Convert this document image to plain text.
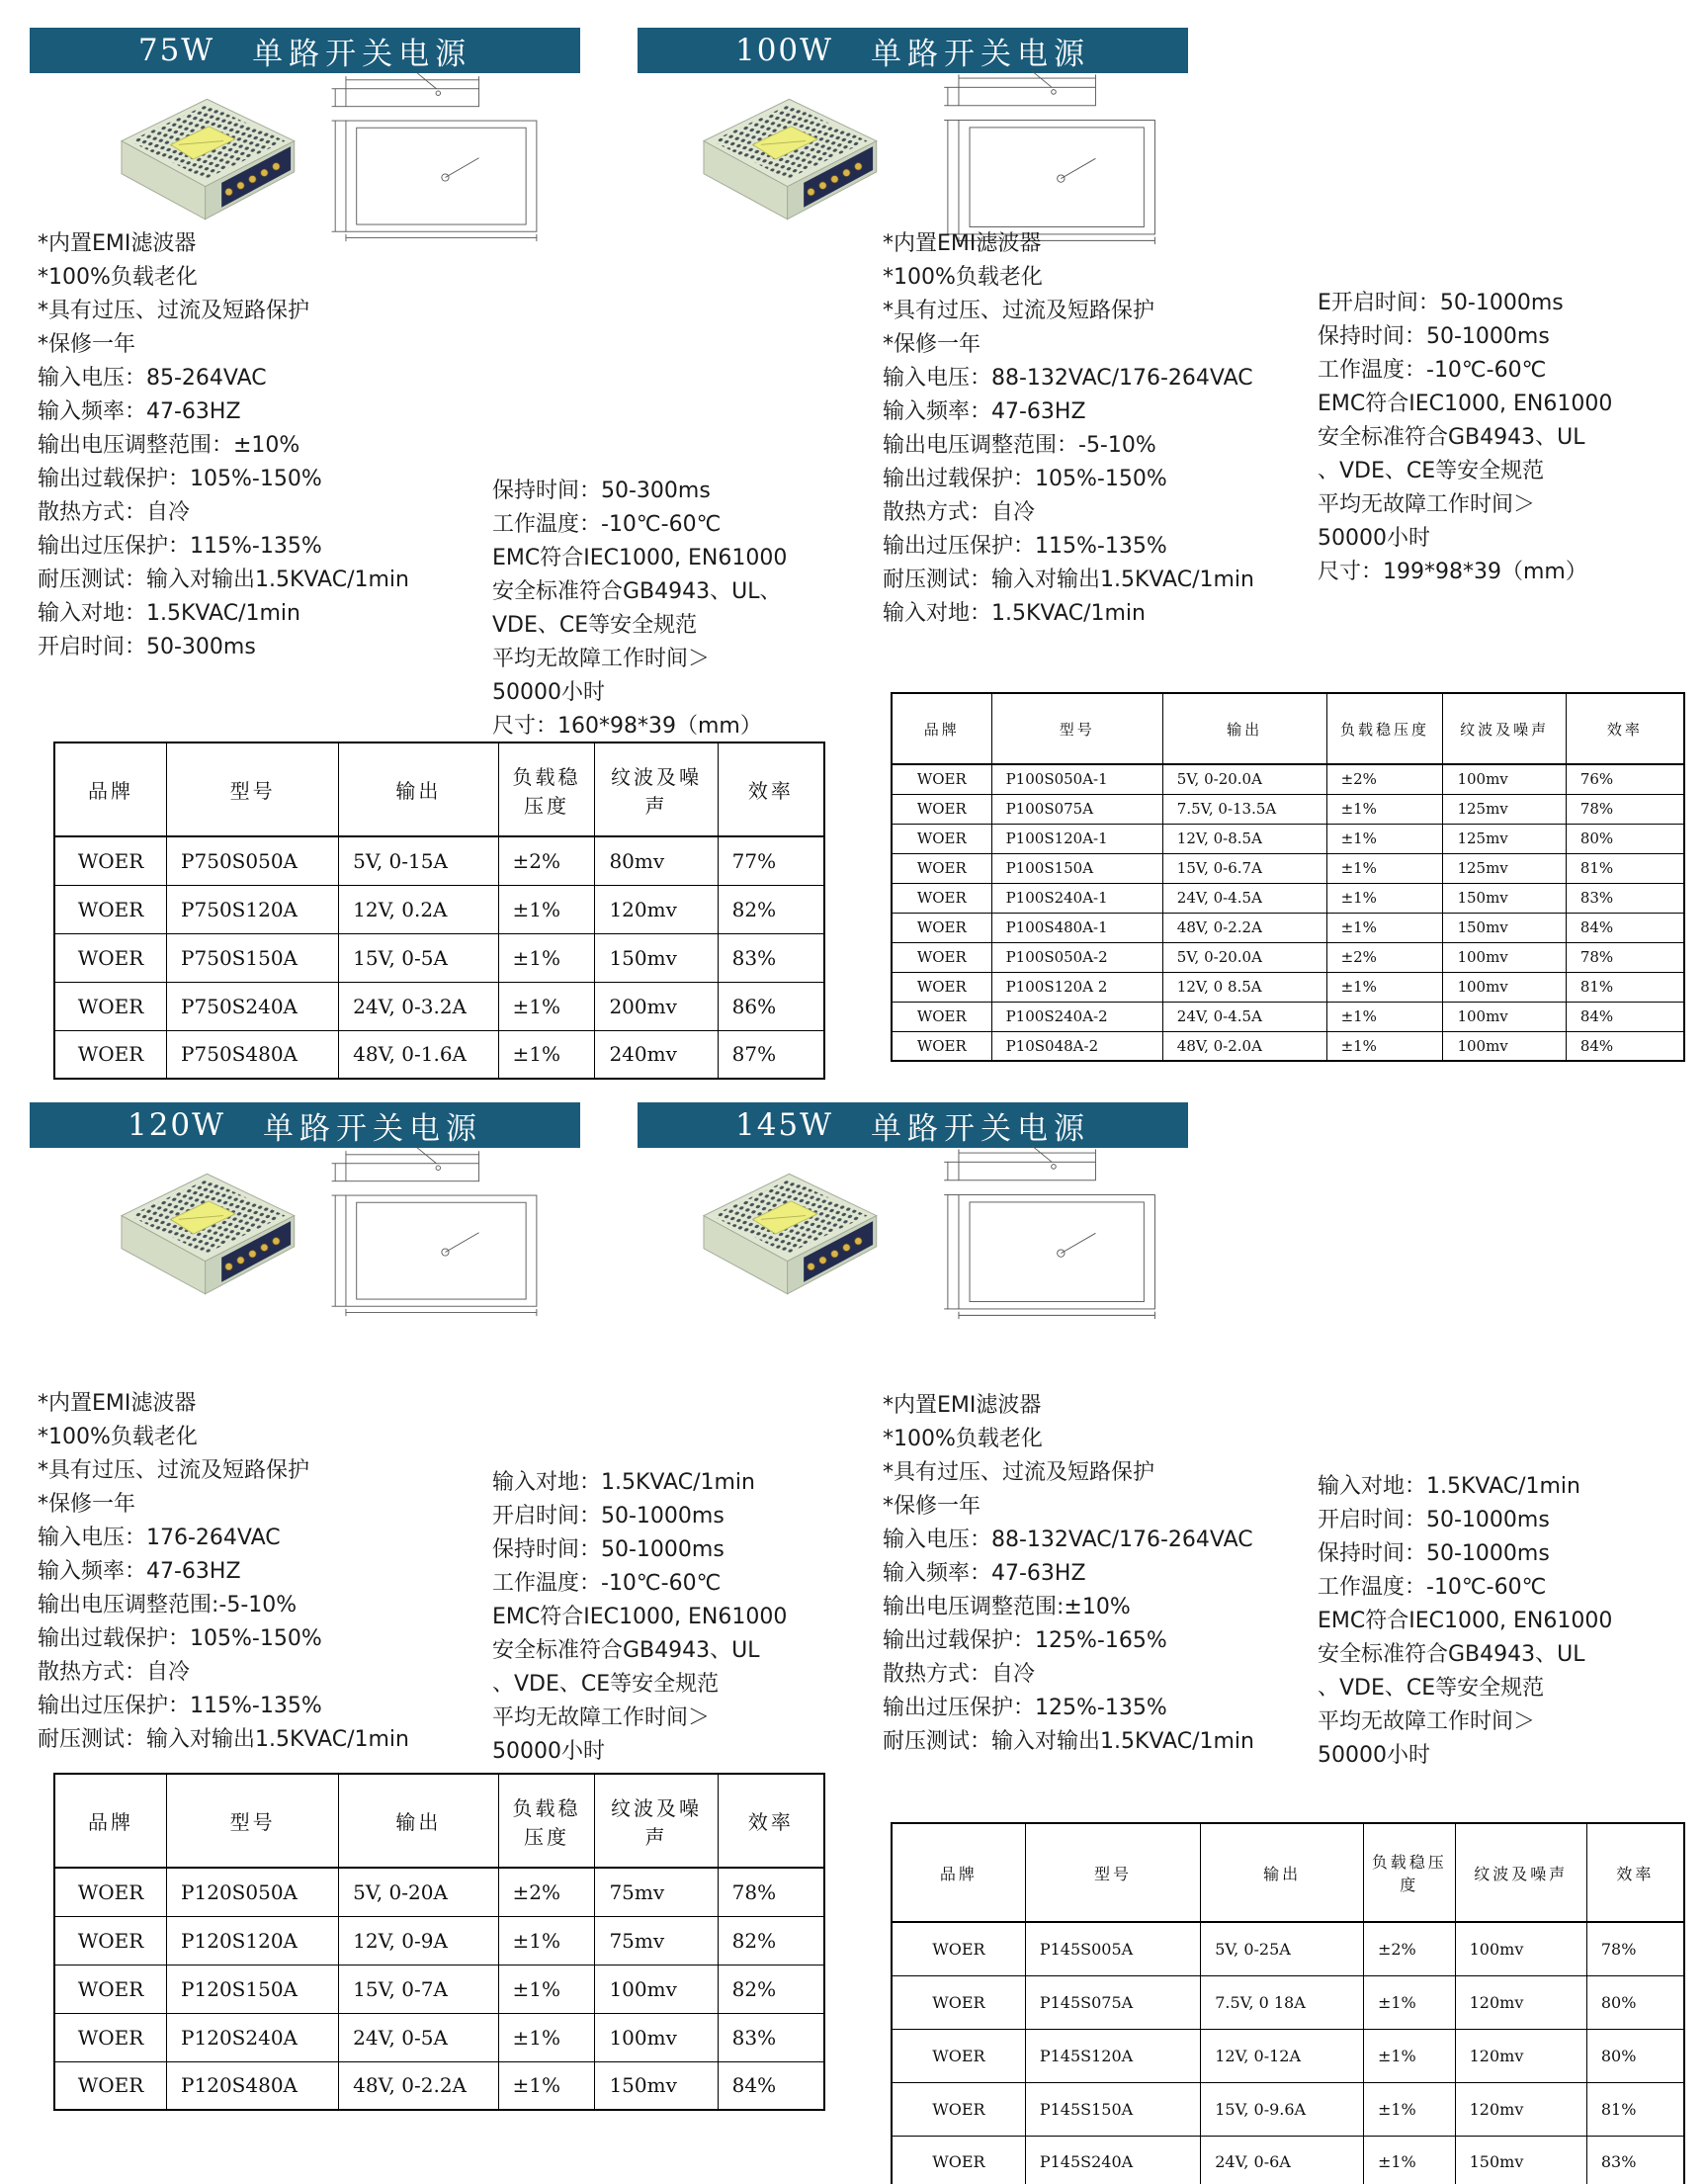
75W 单路开关电源
*内置EMI滤波器
*100%负载老化
*具有过压、过流及短路保护
*保修一年
输入电压：85-264VAC
输入频率：47-63HZ
输出电压调整范围：±10%
输出过载保护：105%-150%
散热方式：自冷
输出过压保护：115%-135%
耐压测试：输入对输出1.5KVAC/1min
输入对地：1.5KVAC/1min
开启时间：50-300ms
保持时间：50-300ms
工作温度：-10℃-60℃
EMC符合IEC1000, EN61000
安全标准符合GB4943、UL、
VDE、CE等安全规范
平均无故障工作时间＞
50000小时
尺寸：160*98*39（mm）
品牌	型号	输出	负载稳压度	纹波及噪声	效率
WOER	P750S050A	5V, 0-15A	±2%	80mv	77%
WOER	P750S120A	12V, 0.2A	±1%	120mv	82%
WOER	P750S150A	15V, 0-5A	±1%	150mv	83%
WOER	P750S240A	24V, 0-3.2A	±1%	200mv	86%
WOER	P750S480A	48V, 0-1.6A	±1%	240mv	87%
100W 单路开关电源
*内置EMI滤波器
*100%负载老化
*具有过压、过流及短路保护
*保修一年
输入电压：88-132VAC/176-264VAC
输入频率：47-63HZ
输出电压调整范围：-5-10%
输出过载保护：105%-150%
散热方式：自冷
输出过压保护：115%-135%
耐压测试：输入对输出1.5KVAC/1min
输入对地：1.5KVAC/1min
E开启时间：50-1000ms
保持时间：50-1000ms
工作温度：-10℃-60℃
EMC符合IEC1000, EN61000
安全标准符合GB4943、UL
、VDE、CE等安全规范
平均无故障工作时间＞
50000小时
尺寸：199*98*39（mm）
品牌	型号	输出	负载稳压度	纹波及噪声	效率
WOER	P100S050A-1	5V, 0-20.0A	±2%	100mv	76%
WOER	P100S075A	7.5V, 0-13.5A	±1%	125mv	78%
WOER	P100S120A-1	12V, 0-8.5A	±1%	125mv	80%
WOER	P100S150A	15V, 0-6.7A	±1%	125mv	81%
WOER	P100S240A-1	24V, 0-4.5A	±1%	150mv	83%
WOER	P100S480A-1	48V, 0-2.2A	±1%	150mv	84%
WOER	P100S050A-2	5V, 0-20.0A	±2%	100mv	78%
WOER	P100S120A 2	12V, 0 8.5A	±1%	100mv	81%
WOER	P100S240A-2	24V, 0-4.5A	±1%	100mv	84%
WOER	P10S048A-2	48V, 0-2.0A	±1%	100mv	84%
120W 单路开关电源
*内置EMI滤波器
*100%负载老化
*具有过压、过流及短路保护
*保修一年
输入电压：176-264VAC
输入频率：47-63HZ
输出电压调整范围:-5-10%
输出过载保护：105%-150%
散热方式：自冷
输出过压保护：115%-135%
耐压测试：输入对输出1.5KVAC/1min
输入对地：1.5KVAC/1min
开启时间：50-1000ms
保持时间：50-1000ms
工作温度：-10℃-60℃
EMC符合IEC1000, EN61000
安全标准符合GB4943、UL
、VDE、CE等安全规范
平均无故障工作时间＞
50000小时
品牌	型号	输出	负载稳压度	纹波及噪声	效率
WOER	P120S050A	5V, 0-20A	±2%	75mv	78%
WOER	P120S120A	12V, 0-9A	±1%	75mv	82%
WOER	P120S150A	15V, 0-7A	±1%	100mv	82%
WOER	P120S240A	24V, 0-5A	±1%	100mv	83%
WOER	P120S480A	48V, 0-2.2A	±1%	150mv	84%
145W 单路开关电源
*内置EMI滤波器
*100%负载老化
*具有过压、过流及短路保护
*保修一年
输入电压：88-132VAC/176-264VAC
输入频率：47-63HZ
输出电压调整范围:±10%
输出过载保护：125%-165%
散热方式：自冷
输出过压保护：125%-135%
耐压测试：输入对输出1.5KVAC/1min
输入对地：1.5KVAC/1min
开启时间：50-1000ms
保持时间：50-1000ms
工作温度：-10℃-60℃
EMC符合IEC1000, EN61000
安全标准符合GB4943、UL
、VDE、CE等安全规范
平均无故障工作时间＞
50000小时
品牌	型号	输出	负载稳压度	纹波及噪声	效率
WOER	P145S005A	5V, 0-25A	±2%	100mv	78%
WOER	P145S075A	7.5V, 0 18A	±1%	120mv	80%
WOER	P145S120A	12V, 0-12A	±1%	120mv	80%
WOER	P145S150A	15V, 0-9.6A	±1%	120mv	81%
WOER	P145S240A	24V, 0-6A	±1%	150mv	83%
